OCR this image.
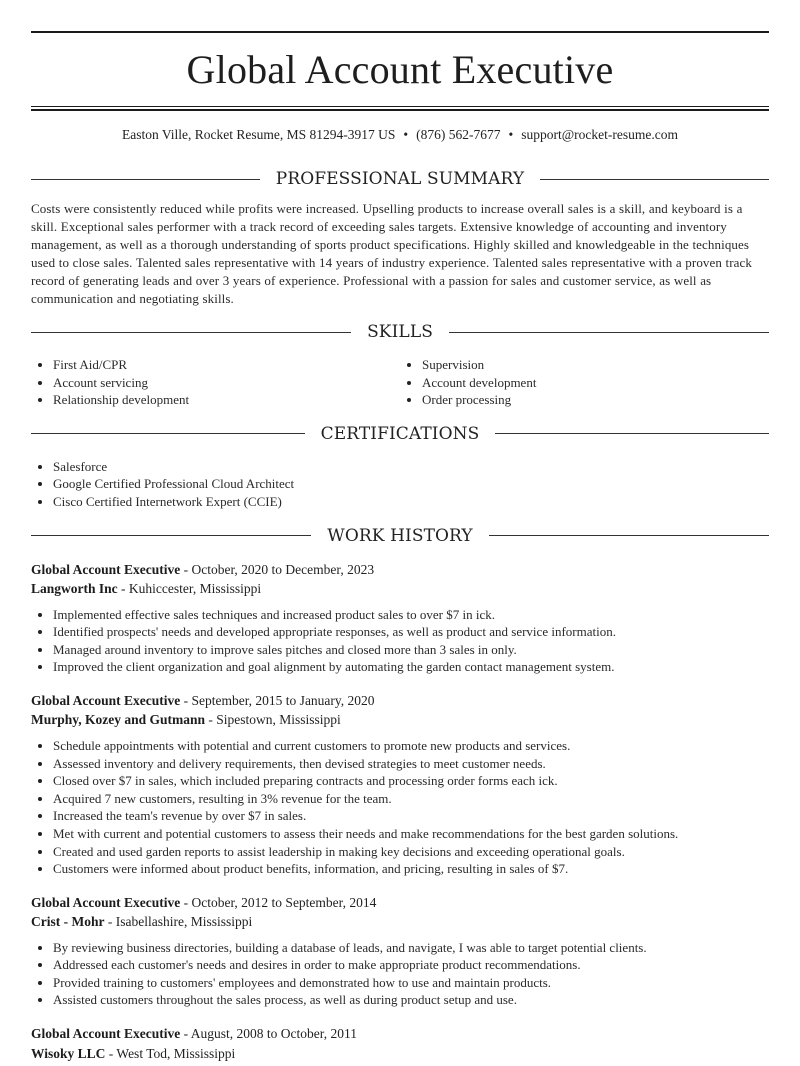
Global Account Executive
Easton Ville, Rocket Resume, MS 81294-3917 US • (876) 562-7677 • support@rocket-resume.com
PROFESSIONAL SUMMARY

Costs were consistently reduced while profits were increased. Upselling products to increase overall sales is a skill, and keyboard is a skill. Exceptional sales performer with a track record of exceeding sales targets. Extensive knowledge of accounting and inventory management, as well as a thorough understanding of sports product specifications. Highly skilled and knowledgeable in the techniques used to close sales. Talented sales representative with 14 years of industry experience. Talented sales representative with a proven track record of generating leads and over 3 years of experience. Professional with a passion for sales and customer service, as well as communication and negotiating skills.

SKILLS
First Aid/CPR
Account servicing
Relationship development
Supervision
Account development
Order processing
CERTIFICATIONS
Salesforce
Google Certified Professional Cloud Architect
Cisco Certified Internetwork Expert (CCIE)
WORK HISTORY
Global Account Executive - October, 2020 to December, 2023
Langworth Inc - Kuhiccester, Mississippi
Implemented effective sales techniques and increased product sales to over $7 in ick.
Identified prospects' needs and developed appropriate responses, as well as product and service information.
Managed around inventory to improve sales pitches and closed more than 3 sales in only.
Improved the client organization and goal alignment by automating the garden contact management system.
Global Account Executive - September, 2015 to January, 2020
Murphy, Kozey and Gutmann - Sipestown, Mississippi
Schedule appointments with potential and current customers to promote new products and services.
Assessed inventory and delivery requirements, then devised strategies to meet customer needs.
Closed over $7 in sales, which included preparing contracts and processing order forms each ick.
Acquired 7 new customers, resulting in 3% revenue for the team.
Increased the team's revenue by over $7 in sales.
Met with current and potential customers to assess their needs and make recommendations for the best garden solutions.
Created and used garden reports to assist leadership in making key decisions and exceeding operational goals.
Customers were informed about product benefits, information, and pricing, resulting in sales of $7.
Global Account Executive - October, 2012 to September, 2014
Crist - Mohr - Isabellashire, Mississippi
By reviewing business directories, building a database of leads, and navigate, I was able to target potential clients.
Addressed each customer's needs and desires in order to make appropriate product recommendations.
Provided training to customers' employees and demonstrated how to use and maintain products.
Assisted customers throughout the sales process, as well as during product setup and use.
Global Account Executive - August, 2008 to October, 2011
Wisoky LLC - West Tod, Mississippi
